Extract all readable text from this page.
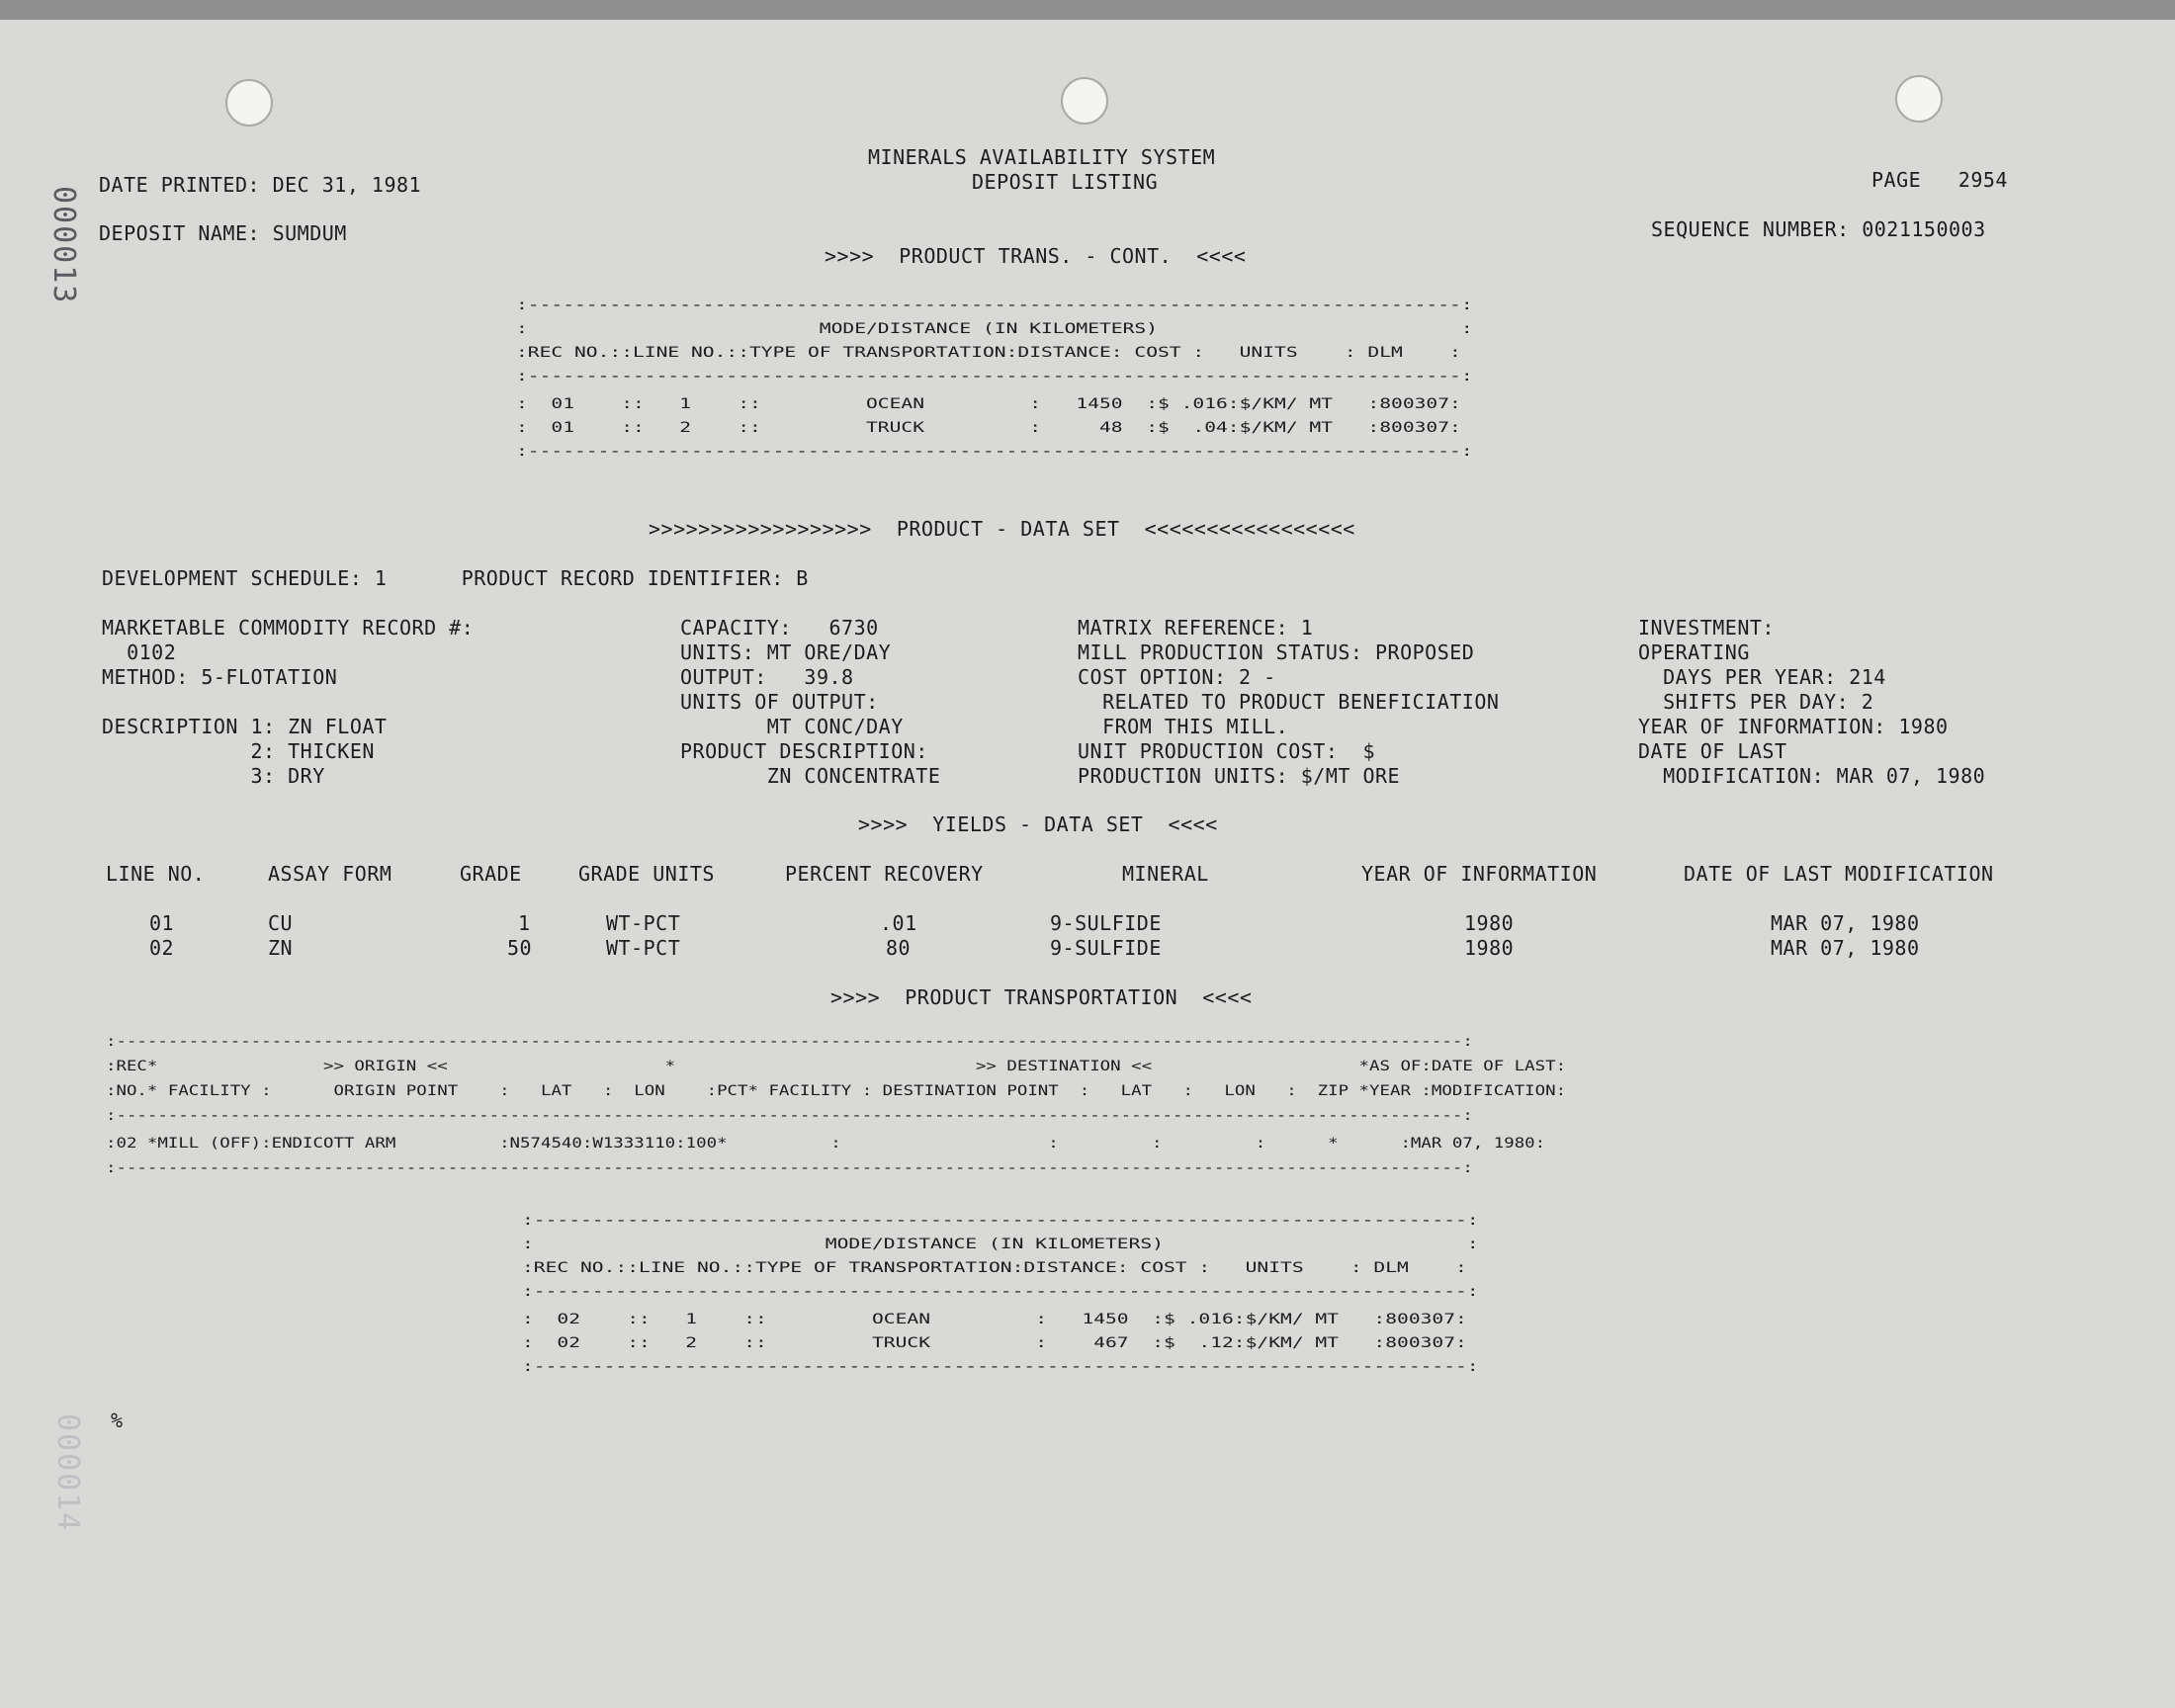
000013
000014
MINERALS AVAILABILITY SYSTEM
DEPOSIT LISTING
DATE PRINTED: DEC 31, 1981	PAGE   2954
DEPOSIT NAME: SUMDUM	SEQUENCE NUMBER: 0021150003
>>>>  PRODUCT TRANS. - CONT.  <<<<
:--------------------------------------------------------------------------------:
:                         MODE/DISTANCE (IN KILOMETERS)                          :
:REC NO.::LINE NO.::TYPE OF TRANSPORTATION:DISTANCE: COST :   UNITS    : DLM    :
:--------------------------------------------------------------------------------:
:  01    ::   1    ::         OCEAN         :   1450  :$ .016:$/KM/ MT   :800307:
:  01    ::   2    ::         TRUCK         :     48  :$  .04:$/KM/ MT   :800307:
:--------------------------------------------------------------------------------:
>>>>>>>>>>>>>>>>>>  PRODUCT - DATA SET  <<<<<<<<<<<<<<<<<
DEVELOPMENT SCHEDULE: 1      PRODUCT RECORD IDENTIFIER: B
MARKETABLE COMMODITY RECORD #:
0102
METHOD: 5-FLOTATION
DESCRIPTION 1: ZN FLOAT
2: THICKEN
3: DRY
CAPACITY:   6730
UNITS: MT ORE/DAY
OUTPUT:   39.8
UNITS OF OUTPUT:
MT CONC/DAY
PRODUCT DESCRIPTION:
ZN CONCENTRATE
MATRIX REFERENCE: 1
MILL PRODUCTION STATUS: PROPOSED
COST OPTION: 2 -
RELATED TO PRODUCT BENEFICIATION
FROM THIS MILL.
UNIT PRODUCTION COST:  $
PRODUCTION UNITS: $/MT ORE
INVESTMENT:
OPERATING
DAYS PER YEAR: 214
SHIFTS PER DAY: 2
YEAR OF INFORMATION: 1980
DATE OF LAST
MODIFICATION: MAR 07, 1980
>>>>  YIELDS - DATA SET  <<<<
LINE NO.	ASSAY FORM	GRADE	GRADE UNITS	PERCENT RECOVERY	MINERAL	YEAR OF INFORMATION	DATE OF LAST MODIFICATION
01	CU	1	WT-PCT	.01	9-SULFIDE	1980	MAR 07, 1980
02	ZN	50	WT-PCT	80	9-SULFIDE	1980	MAR 07, 1980
>>>>  PRODUCT TRANSPORTATION  <<<<
:----------------------------------------------------------------------------------------------------------------------------------:
:REC*                >> ORIGIN <<                     *                             >> DESTINATION <<                    *AS OF:DATE OF LAST:
:NO.* FACILITY :      ORIGIN POINT    :   LAT   :  LON    :PCT* FACILITY : DESTINATION POINT  :   LAT   :   LON   :  ZIP *YEAR :MODIFICATION:
:----------------------------------------------------------------------------------------------------------------------------------:
:02 *MILL (OFF):ENDICOTT ARM          :N574540:W1333110:100*          :                    :         :         :      *      :MAR 07, 1980:
:----------------------------------------------------------------------------------------------------------------------------------:
:--------------------------------------------------------------------------------:
:                         MODE/DISTANCE (IN KILOMETERS)                          :
:REC NO.::LINE NO.::TYPE OF TRANSPORTATION:DISTANCE: COST :   UNITS    : DLM    :
:--------------------------------------------------------------------------------:
:  02    ::   1    ::         OCEAN         :   1450  :$ .016:$/KM/ MT   :800307:
:  02    ::   2    ::         TRUCK         :    467  :$  .12:$/KM/ MT   :800307:
:--------------------------------------------------------------------------------:
%
